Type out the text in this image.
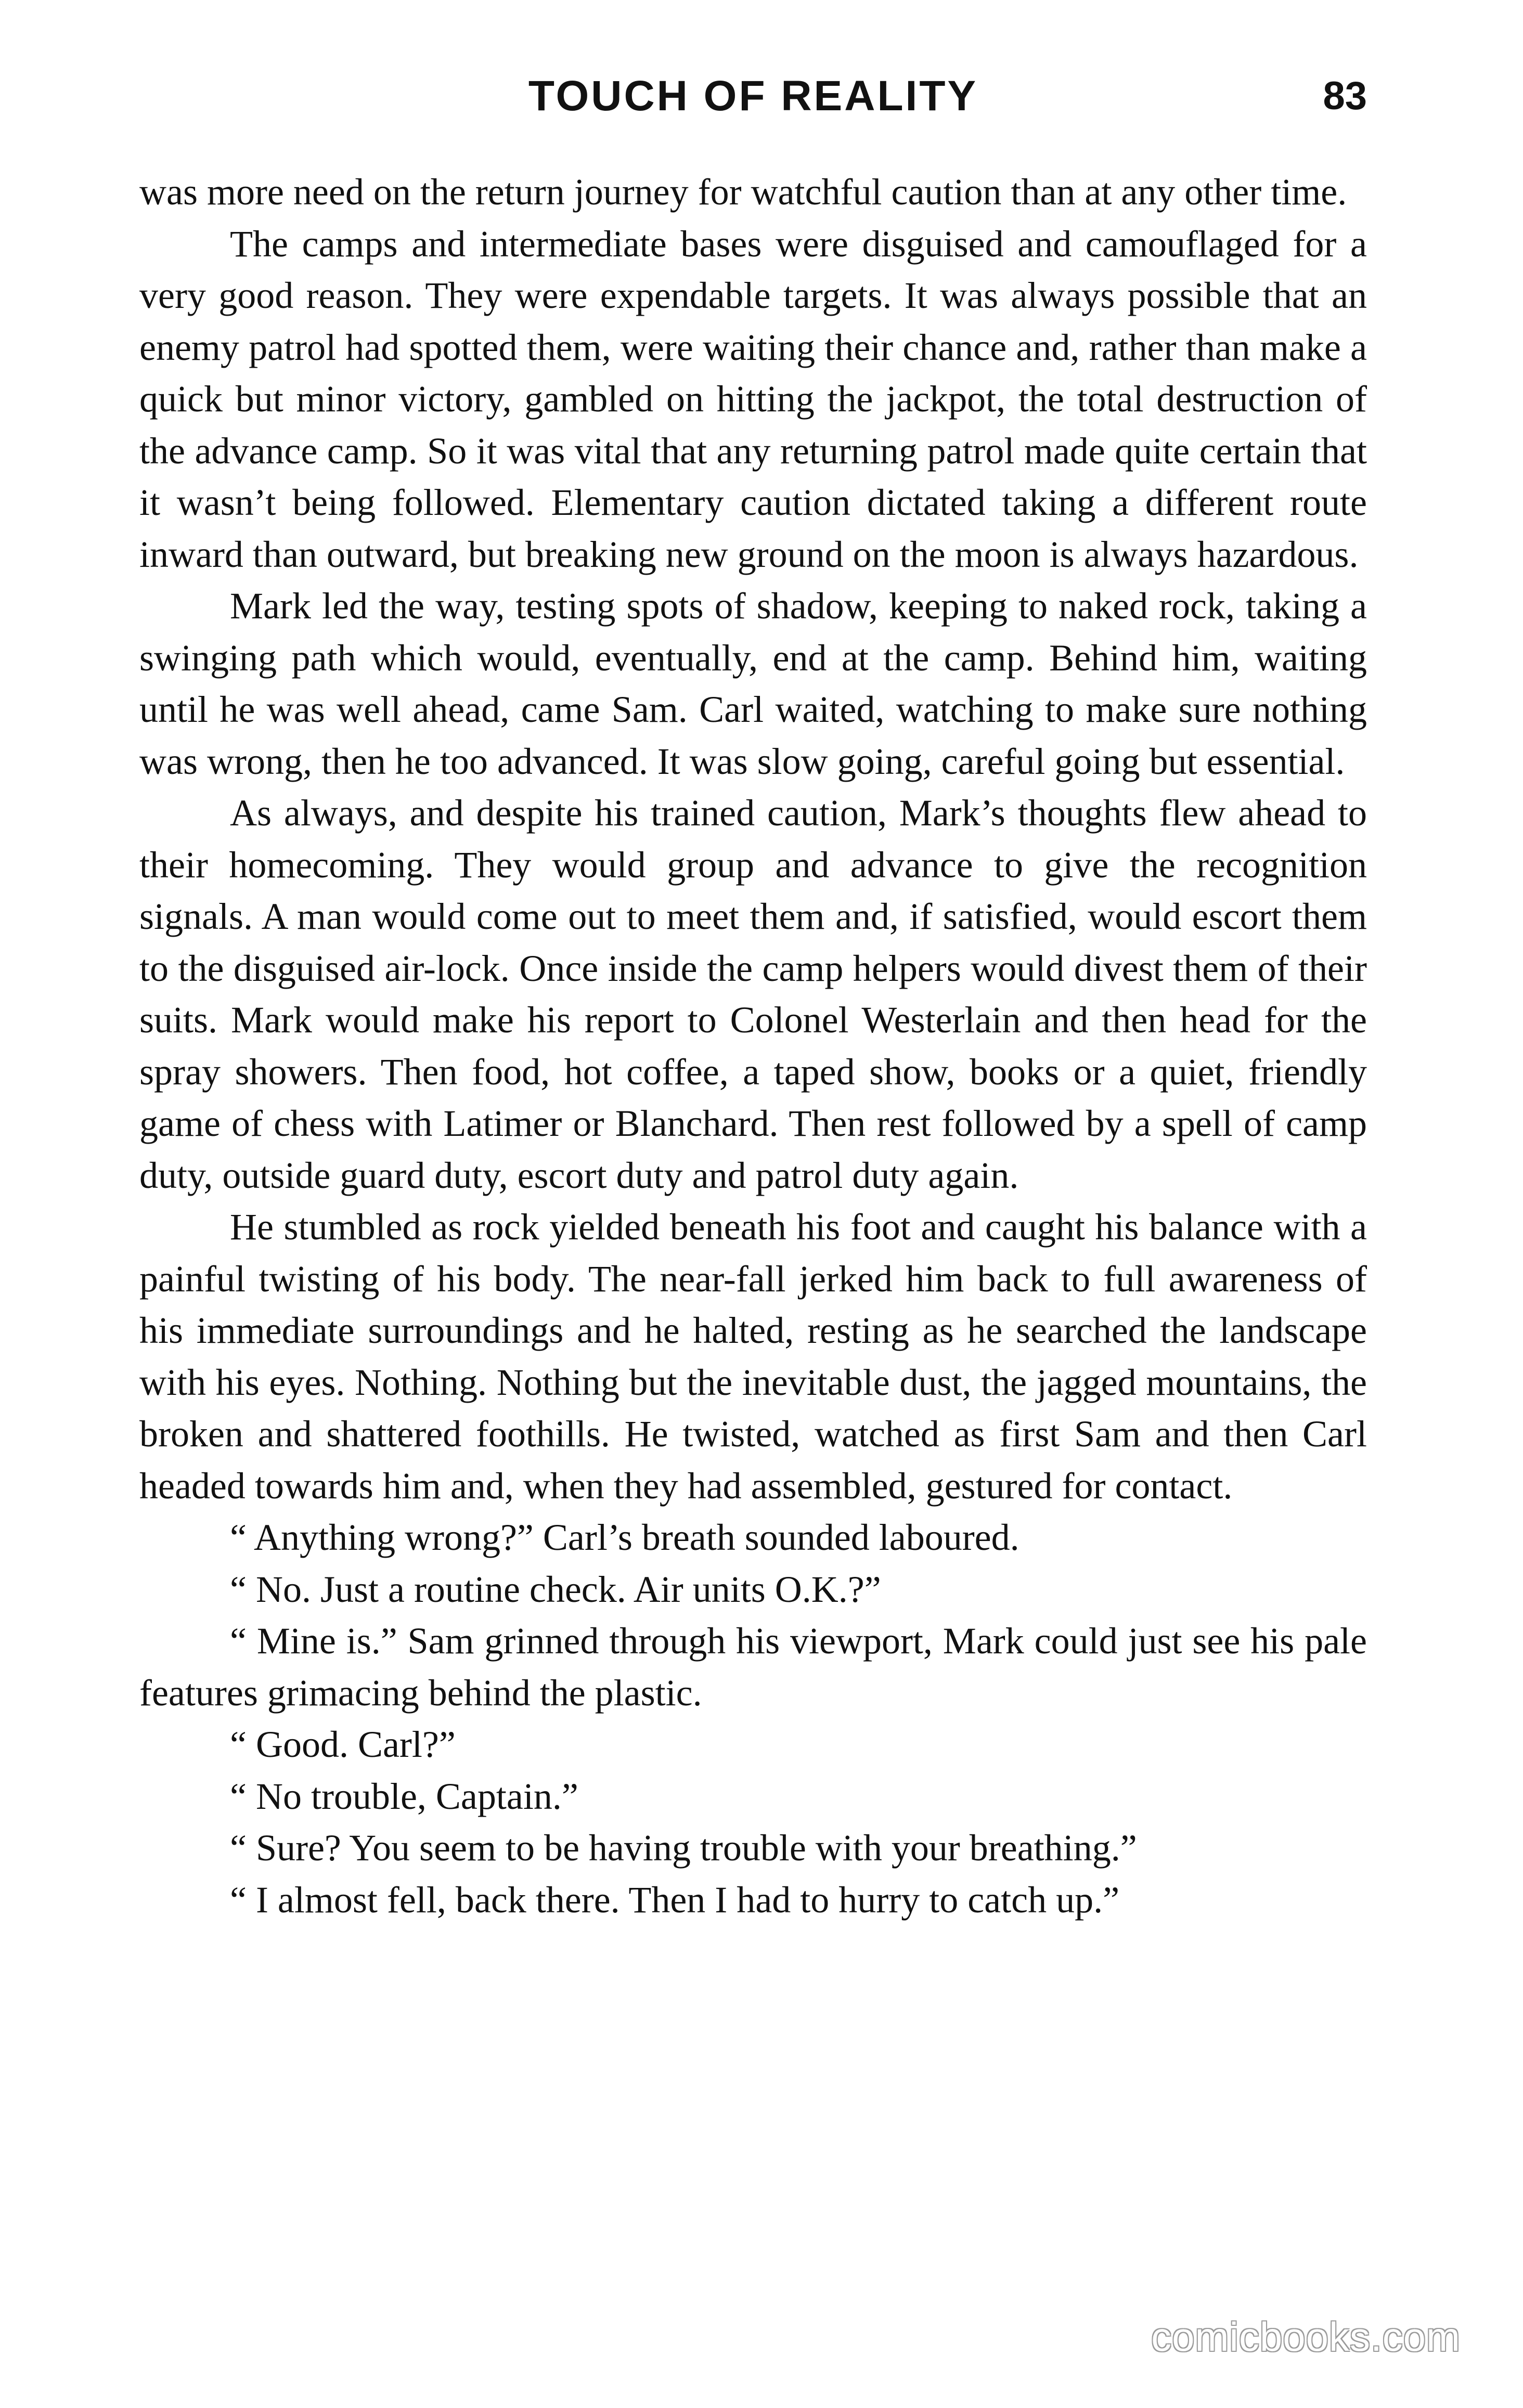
TOUCH OF REALITY	83

was more need on the return journey for watchful caution than at any other time.

The camps and intermediate bases were disguised and camouflaged for a very good reason. They were expendable targets. It was always possible that an enemy patrol had spotted them, were waiting their chance and, rather than make a quick but minor victory, gambled on hitting the jackpot, the total destruction of the advance camp. So it was vital that any returning patrol made quite certain that it wasn’t being followed. Elementary caution dictated taking a different route inward than outward, but breaking new ground on the moon is always hazardous.

Mark led the way, testing spots of shadow, keeping to naked rock, taking a swinging path which would, eventually, end at the camp. Behind him, waiting until he was well ahead, came Sam. Carl waited, watching to make sure nothing was wrong, then he too advanced. It was slow going, careful going but essential.

As always, and despite his trained caution, Mark’s thoughts flew ahead to their homecoming. They would group and advance to give the recognition signals. A man would come out to meet them and, if satisfied, would escort them to the disguised air-lock. Once inside the camp helpers would divest them of their suits. Mark would make his report to Colonel Westerlain and then head for the spray showers. Then food, hot coffee, a taped show, books or a quiet, friendly game of chess with Latimer or Blanchard. Then rest followed by a spell of camp duty, outside guard duty, escort duty and patrol duty again.

He stumbled as rock yielded beneath his foot and caught his balance with a painful twisting of his body. The near-fall jerked him back to full awareness of his immediate surroundings and he halted, resting as he searched the landscape with his eyes. Nothing. Nothing but the inevitable dust, the jagged mountains, the broken and shattered foothills. He twisted, watched as first Sam and then Carl headed towards him and, when they had assembled, gestured for contact.

“ Anything wrong?” Carl’s breath sounded laboured.

“ No. Just a routine check. Air units O.K.?”

“ Mine is.” Sam grinned through his viewport, Mark could just see his pale features grimacing behind the plastic.

“ Good. Carl?”

“ No trouble, Captain.”

“ Sure? You seem to be having trouble with your breathing.”

“ I almost fell, back there. Then I had to hurry to catch up.”

comicbooks.com
